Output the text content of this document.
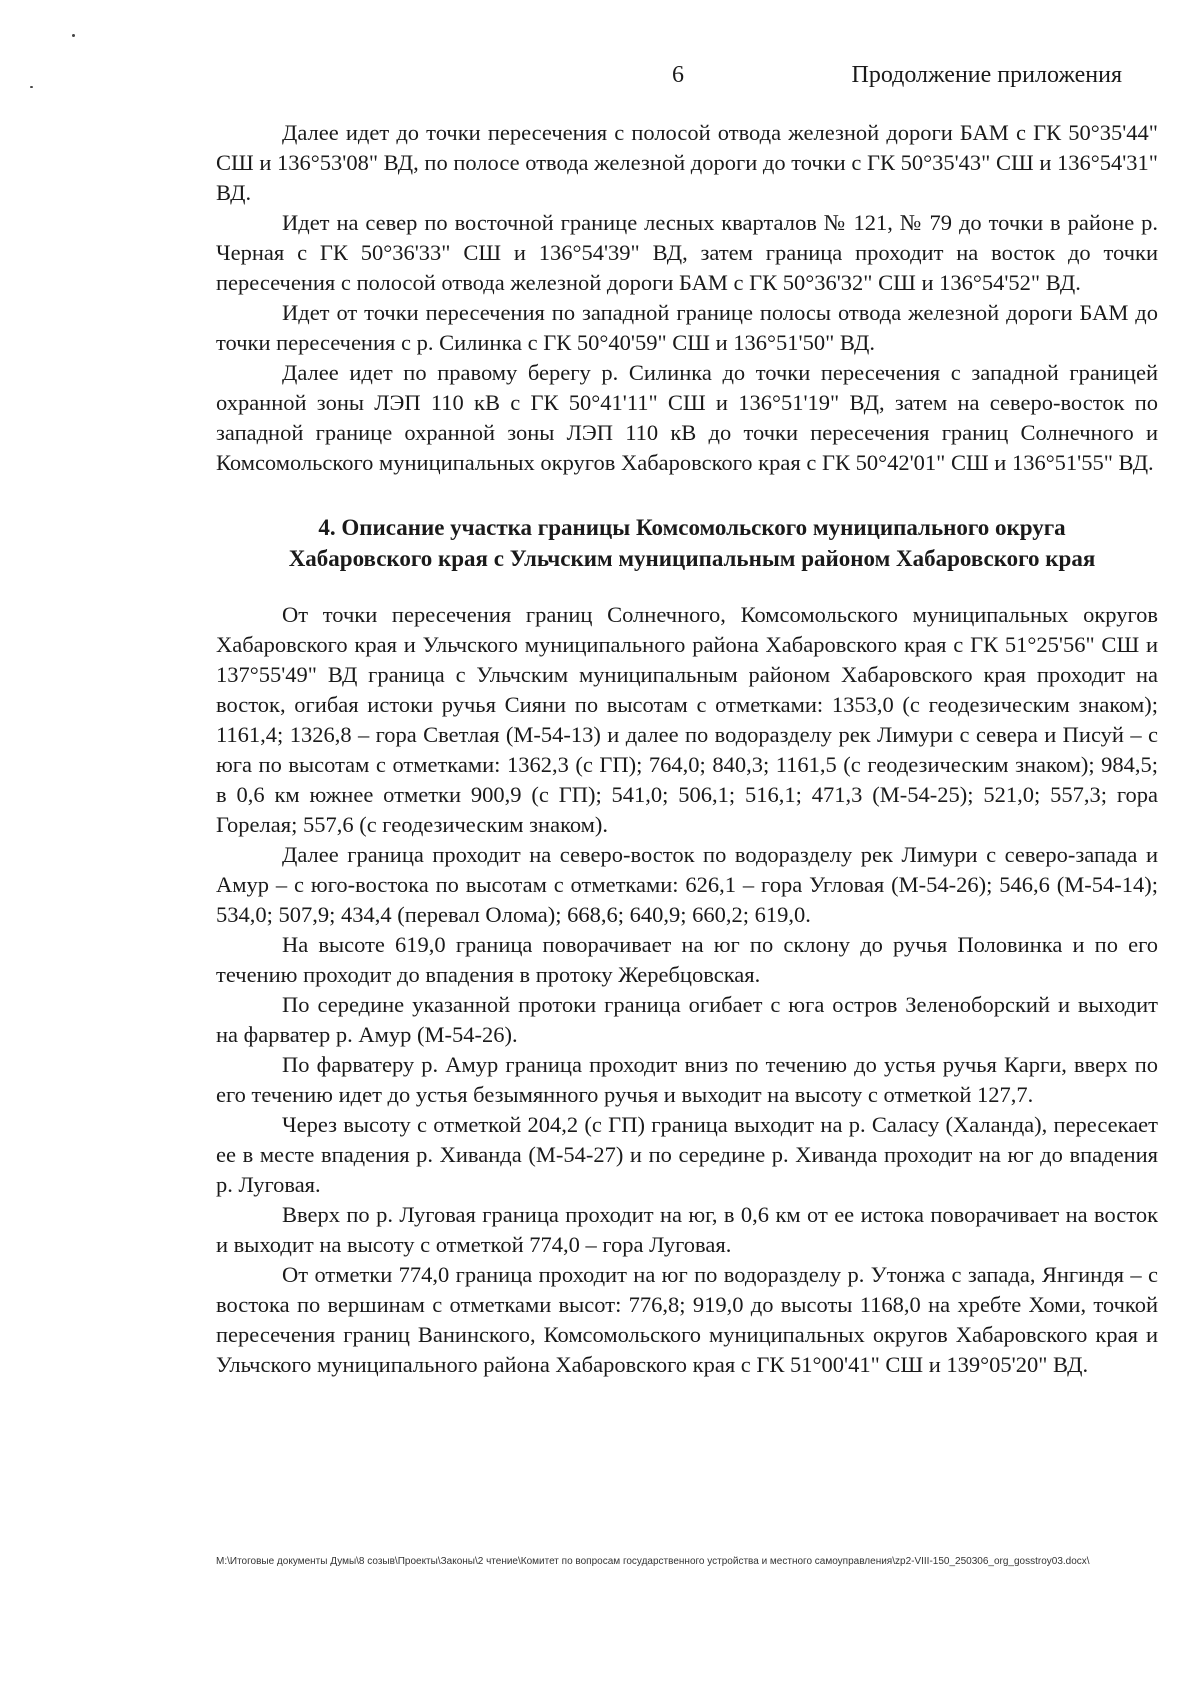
6	Продолжение приложения

Далее идет до точки пересечения с полосой отвода железной дороги БАМ с ГК 50°35'44" СШ и 136°53'08" ВД, по полосе отвода железной дороги до точки с ГК 50°35'43" СШ и 136°54'31" ВД.

Идет на север по восточной границе лесных кварталов № 121, № 79 до точки в районе р. Черная с ГК 50°36'33" СШ и 136°54'39" ВД, затем граница проходит на восток до точки пересечения с полосой отвода железной дороги БАМ с ГК 50°36'32" СШ и 136°54'52" ВД.

Идет от точки пересечения по западной границе полосы отвода железной дороги БАМ до точки пересечения с р. Силинка с ГК 50°40'59" СШ и 136°51'50" ВД.

Далее идет по правому берегу р. Силинка до точки пересечения с западной границей охранной зоны ЛЭП 110 кВ с ГК 50°41'11" СШ и 136°51'19" ВД, затем на северо-восток по западной границе охранной зоны ЛЭП 110 кВ до точки пересечения границ Солнечного и Комсомольского муниципальных округов Хабаровского края с ГК 50°42'01" СШ и 136°51'55" ВД.

4. Описание участка границы Комсомольского муниципального округа
Хабаровского края с Ульчским муниципальным районом Хабаровского края

От точки пересечения границ Солнечного, Комсомольского муниципальных округов Хабаровского края и Ульчского муниципального района Хабаровского края с ГК 51°25'56" СШ и 137°55'49" ВД граница с Ульчским муниципальным районом Хабаровского края проходит на восток, огибая истоки ручья Сияни по высотам с отметками: 1353,0 (с геодезическим знаком); 1161,4; 1326,8 – гора Светлая (М-54-13) и далее по водоразделу рек Лимури с севера и Писуй – с юга по высотам с отметками: 1362,3 (с ГП); 764,0; 840,3; 1161,5 (с геодезическим знаком); 984,5; в 0,6 км южнее отметки 900,9 (с ГП); 541,0; 506,1; 516,1; 471,3 (М-54-25); 521,0; 557,3; гора Горелая; 557,6 (с геодезическим знаком).

Далее граница проходит на северо-восток по водоразделу рек Лимури с северо-запада и Амур – с юго-востока по высотам с отметками: 626,1 – гора Угловая (М-54-26); 546,6 (М-54-14); 534,0; 507,9; 434,4 (перевал Олома); 668,6; 640,9; 660,2; 619,0.

На высоте 619,0 граница поворачивает на юг по склону до ручья Половинка и по его течению проходит до впадения в протоку Жеребцовская.

По середине указанной протоки граница огибает с юга остров Зеленоборский и выходит на фарватер р. Амур (М-54-26).

По фарватеру р. Амур граница проходит вниз по течению до устья ручья Карги, вверх по его течению идет до устья безымянного ручья и выходит на высоту с отметкой 127,7.

Через высоту с отметкой 204,2 (с ГП) граница выходит на р. Саласу (Халанда), пересекает ее в месте впадения р. Хиванда (М-54-27) и по середине р. Хиванда проходит на юг до впадения р. Луговая.

Вверх по р. Луговая граница проходит на юг, в 0,6 км от ее истока поворачивает на восток и выходит на высоту с отметкой 774,0 – гора Луговая.

От отметки 774,0 граница проходит на юг по водоразделу р. Утонжа с запада, Янгиндя – с востока по вершинам с отметками высот: 776,8; 919,0 до высоты 1168,0 на хребте Хоми, точкой пересечения границ Ванинского, Комсомольского муниципальных округов Хабаровского края и Ульчского муниципального района Хабаровского края с ГК 51°00'41" СШ и 139°05'20" ВД.

M:\Итоговые документы Думы\8 созыв\Проекты\Законы\2 чтение\Комитет по вопросам государственного устройства и местного самоуправления\zp2-VIII-150_250306_org_gosstroy03.docx\
